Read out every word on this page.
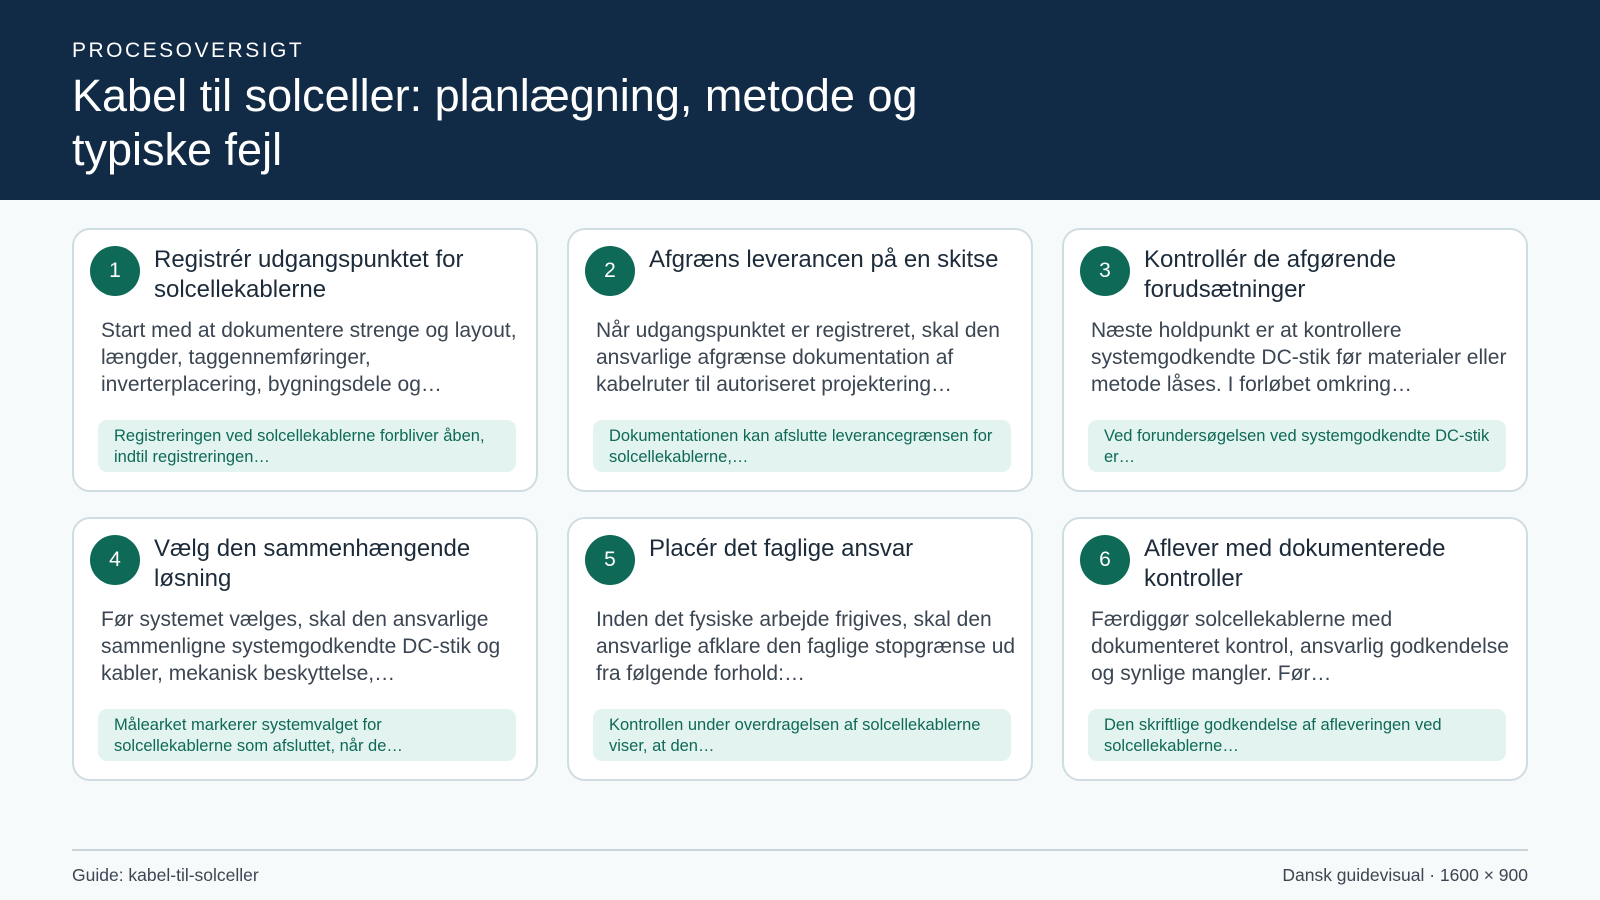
PROCESOVERSIGT
Kabel til solceller: planlægning, metode og typiske fejl
1	Registrér udgangspunktet for solcellekablerne
Start med at dokumentere strenge og layout, længder, taggennemføringer, inverterplacering, bygningsdele og…
Registreringen ved solcellekablerne forbliver åben, indtil registreringen…
2	Afgræns leverancen på en skitse
Når udgangspunktet er registreret, skal den ansvarlige afgrænse dokumentation af kabelruter til autoriseret projektering…
Dokumentationen kan afslutte leverancegrænsen for solcellekablerne,…
3	Kontrollér de afgørende forudsætninger
Næste holdpunkt er at kontrollere systemgodkendte DC-stik før materialer eller metode låses. I forløbet omkring…
Ved forundersøgelsen ved systemgodkendte DC-stik er…
4	Vælg den sammenhængende løsning
Før systemet vælges, skal den ansvarlige sammenligne systemgodkendte DC-stik og kabler, mekanisk beskyttelse,…
Målearket markerer systemvalget for solcellekablerne som afsluttet, når de…
5	Placér det faglige ansvar
Inden det fysiske arbejde frigives, skal den ansvarlige afklare den faglige stopgrænse ud fra følgende forhold:…
Kontrollen under overdragelsen af solcellekablerne viser, at den…
6	Aflever med dokumenterede kontroller
Færdiggør solcellekablerne med dokumenteret kontrol, ansvarlig godkendelse og synlige mangler. Før…
Den skriftlige godkendelse af afleveringen ved solcellekablerne…
Guide: kabel-til-solceller	Dansk guidevisual · 1600 × 900
